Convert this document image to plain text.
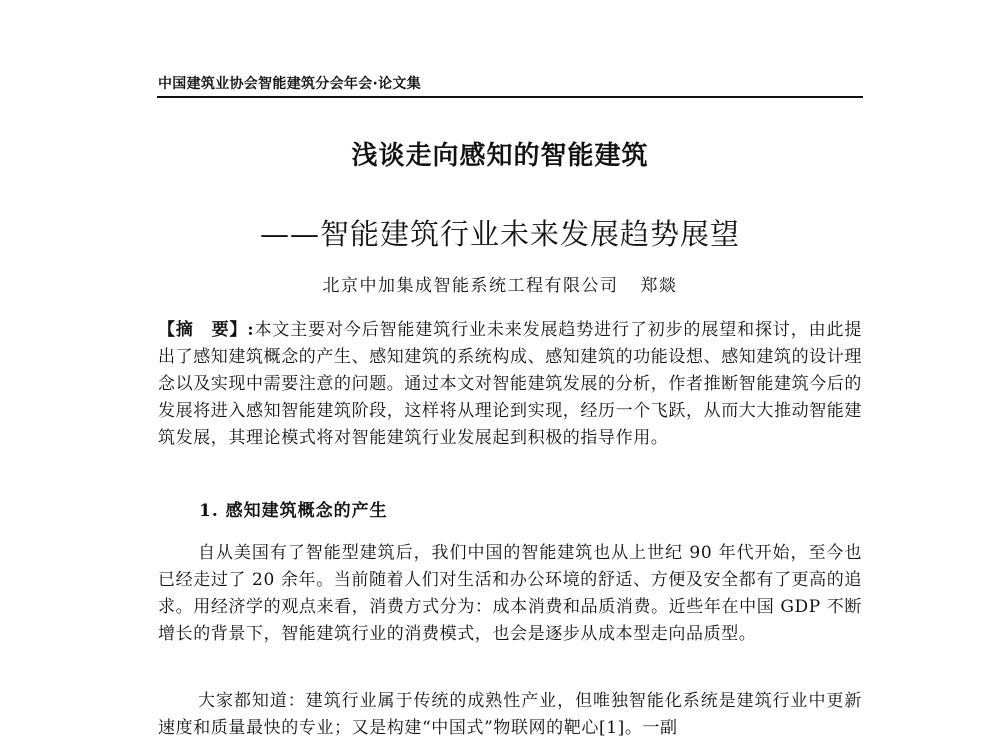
中国建筑业协会智能建筑分会年会·论文集
浅谈走向感知的智能建筑
——智能建筑行业未来发展趋势展望
北京中加集成智能系统工程有限公司 郑燚
【摘　要】:本文主要对今后智能建筑行业未来发展趋势进行了初步的展望和探讨，由此提出了感知建筑概念的产生、感知建筑的系统构成、感知建筑的功能设想、感知建筑的设计理念以及实现中需要注意的问题。通过本文对智能建筑发展的分析，作者推断智能建筑今后的发展将进入感知智能建筑阶段，这样将从理论到实现，经历一个飞跃，从而大大推动智能建筑发展，其理论模式将对智能建筑行业发展起到积极的指导作用。
1. 感知建筑概念的产生
自从美国有了智能型建筑后，我们中国的智能建筑也从上世纪 90 年代开始，至今也已经走过了 20 余年。当前随着人们对生活和办公环境的舒适、方便及安全都有了更高的追求。用经济学的观点来看，消费方式分为：成本消费和品质消费。近些年在中国 GDP 不断增长的背景下，智能建筑行业的消费模式，也会是逐步从成本型走向品质型。
大家都知道：建筑行业属于传统的成熟性产业，但唯独智能化系统是建筑行业中更新速度和质量最快的专业；又是构建“中国式”物联网的靶心[1]。一副
